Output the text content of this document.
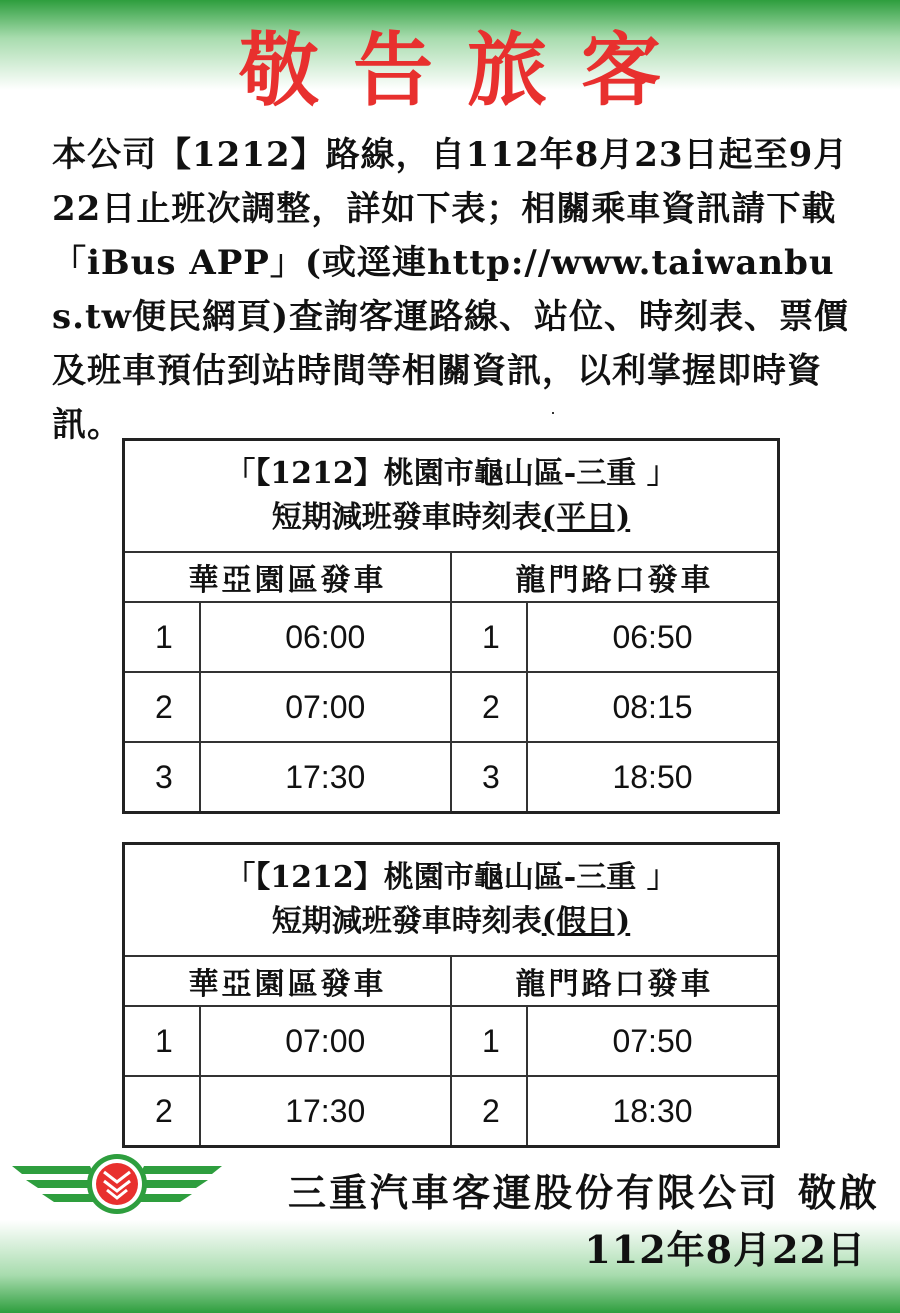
敬告旅客
本公司【1212】路線，自112年8月23日起至9月22日止班次調整，詳如下表；相關乘車資訊請下載「iBus APP」(或逕連http://www.taiwanbus.tw便民網頁)查詢客運路線、站位、時刻表、票價及班車預估到站時間等相關資訊，以利掌握即時資訊。
「【1212】桃園市龜山區-三重 」
短期減班發車時刻表(平日)			

華亞園區發車		龍門路口發車	
1	06:00	1	06:50
2	07:00	2	08:15
3	17:30	3	18:50
「【1212】桃園市龜山區-三重 」
短期減班發車時刻表(假日)			

華亞園區發車		龍門路口發車	
1	07:00	1	07:50
2	17:30	2	18:30
三重汽車客運股份有限公司 敬啟
112年8月22日
